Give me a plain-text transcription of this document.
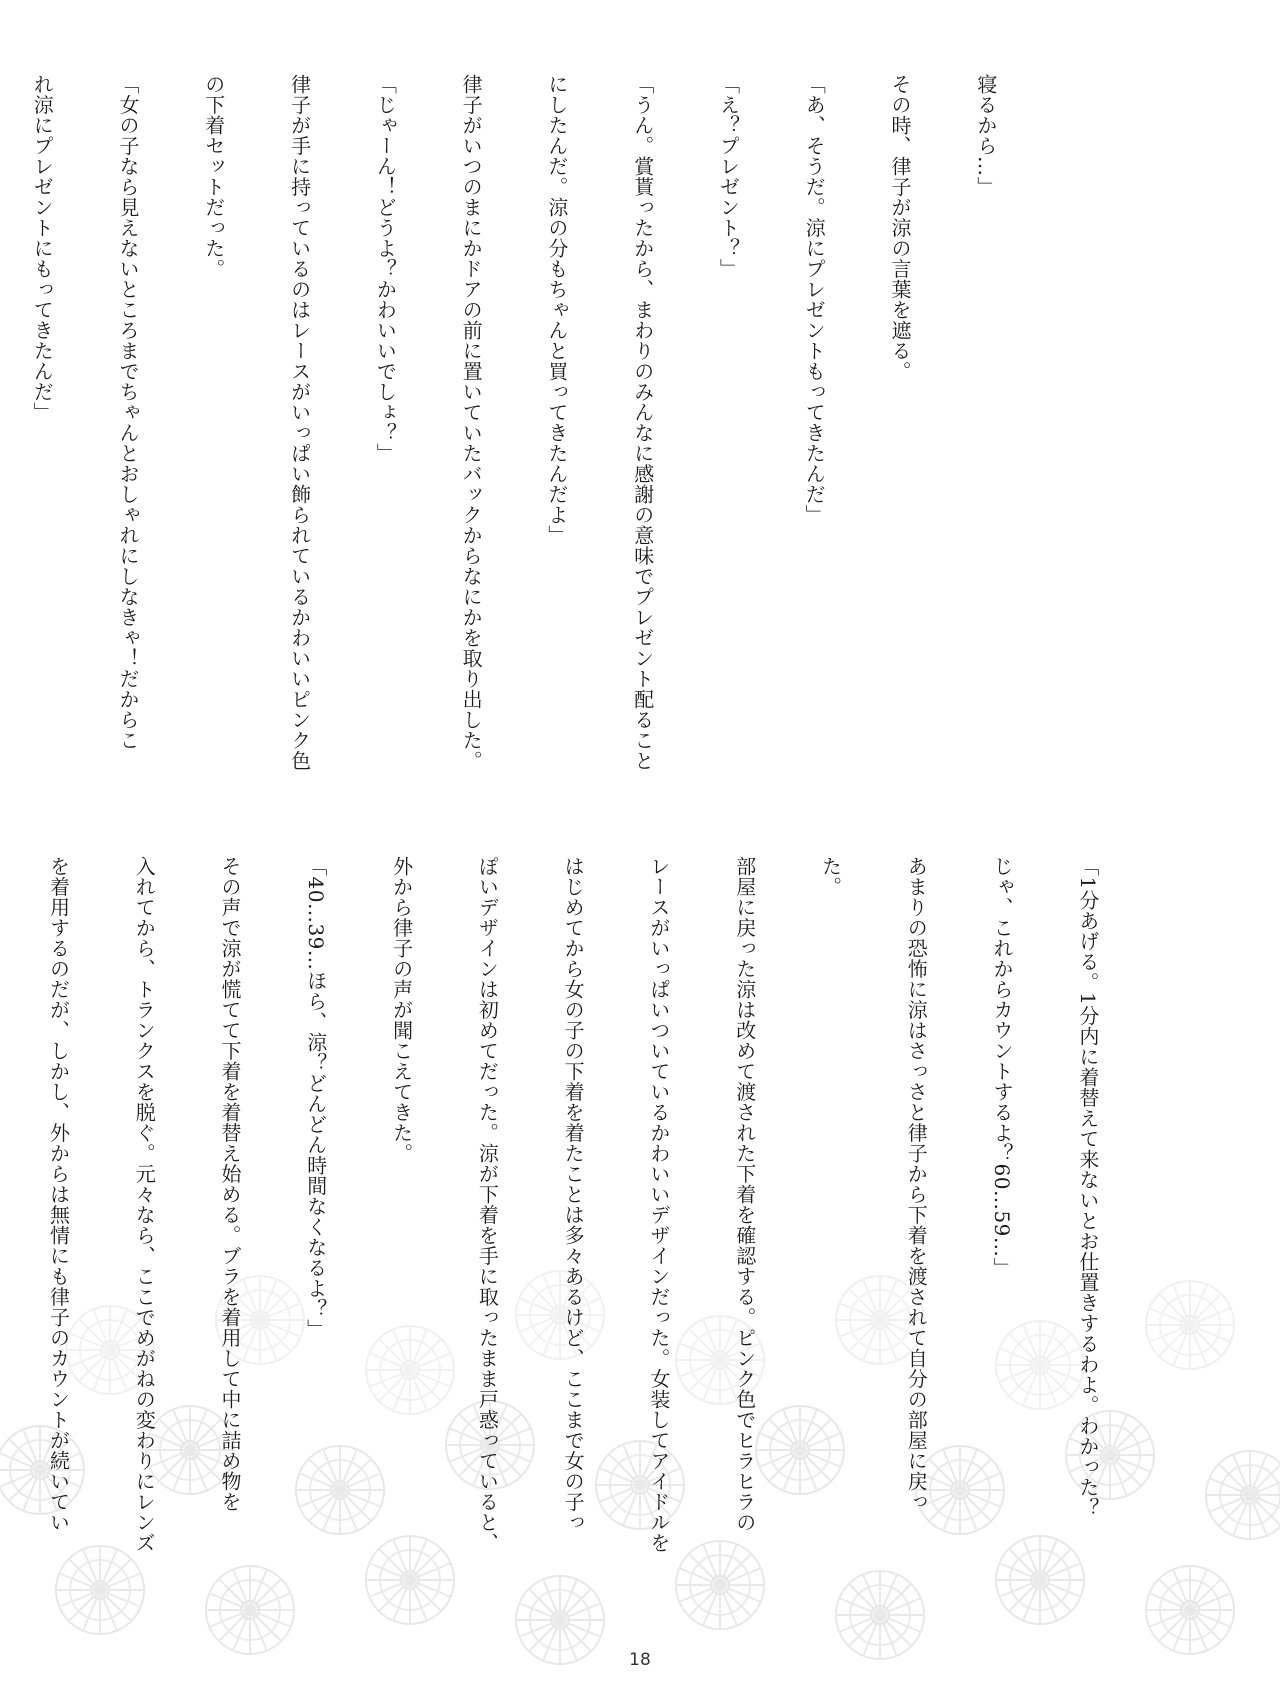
寝るから…」

その時、律子が涼の言葉を遮る。

「あ、そうだ。涼にプレゼントもってきたんだ」

「え？プレゼント？」

「うん。賞貰ったから、まわりのみんなに感謝の意味でプレゼント配ること

にしたんだ。涼の分もちゃんと買ってきたんだよ」

律子がいつのまにかドアの前に置いていたバックからなにかを取り出した。

「じゃーん！どうよ？かわいいでしょ？」

律子が手に持っているのはレースがいっぱい飾られているかわいいピンク色

の下着セットだった。

「女の子なら見えないところまでちゃんとおしゃれにしなきゃ！だからこ

れ涼にプレゼントにもってきたんだ」

「1分あげる。1分内に着替えて来ないとお仕置きするわよ。わかった？

じゃ、これからカウントするよ？60…59…」

あまりの恐怖に涼はさっさと律子から下着を渡されて自分の部屋に戻っ

た。

部屋に戻った涼は改めて渡された下着を確認する。ピンク色でヒラヒラの

レースがいっぱいついているかわいいデザインだった。女装してアイドルを

はじめてから女の子の下着を着たことは多々あるけど、ここまで女の子っ

ぽいデザインは初めてだった。涼が下着を手に取ったまま戸惑っていると、

外から律子の声が聞こえてきた。

「40…39…ほら、涼？どんどん時間なくなるよ？」

その声で涼が慌てて下着を着替え始める。ブラを着用して中に詰め物を

入れてから、トランクスを脱ぐ。元々なら、ここでめがねの変わりにレンズ

を着用するのだが、しかし、外からは無情にも律子のカウントが続いてい

18
